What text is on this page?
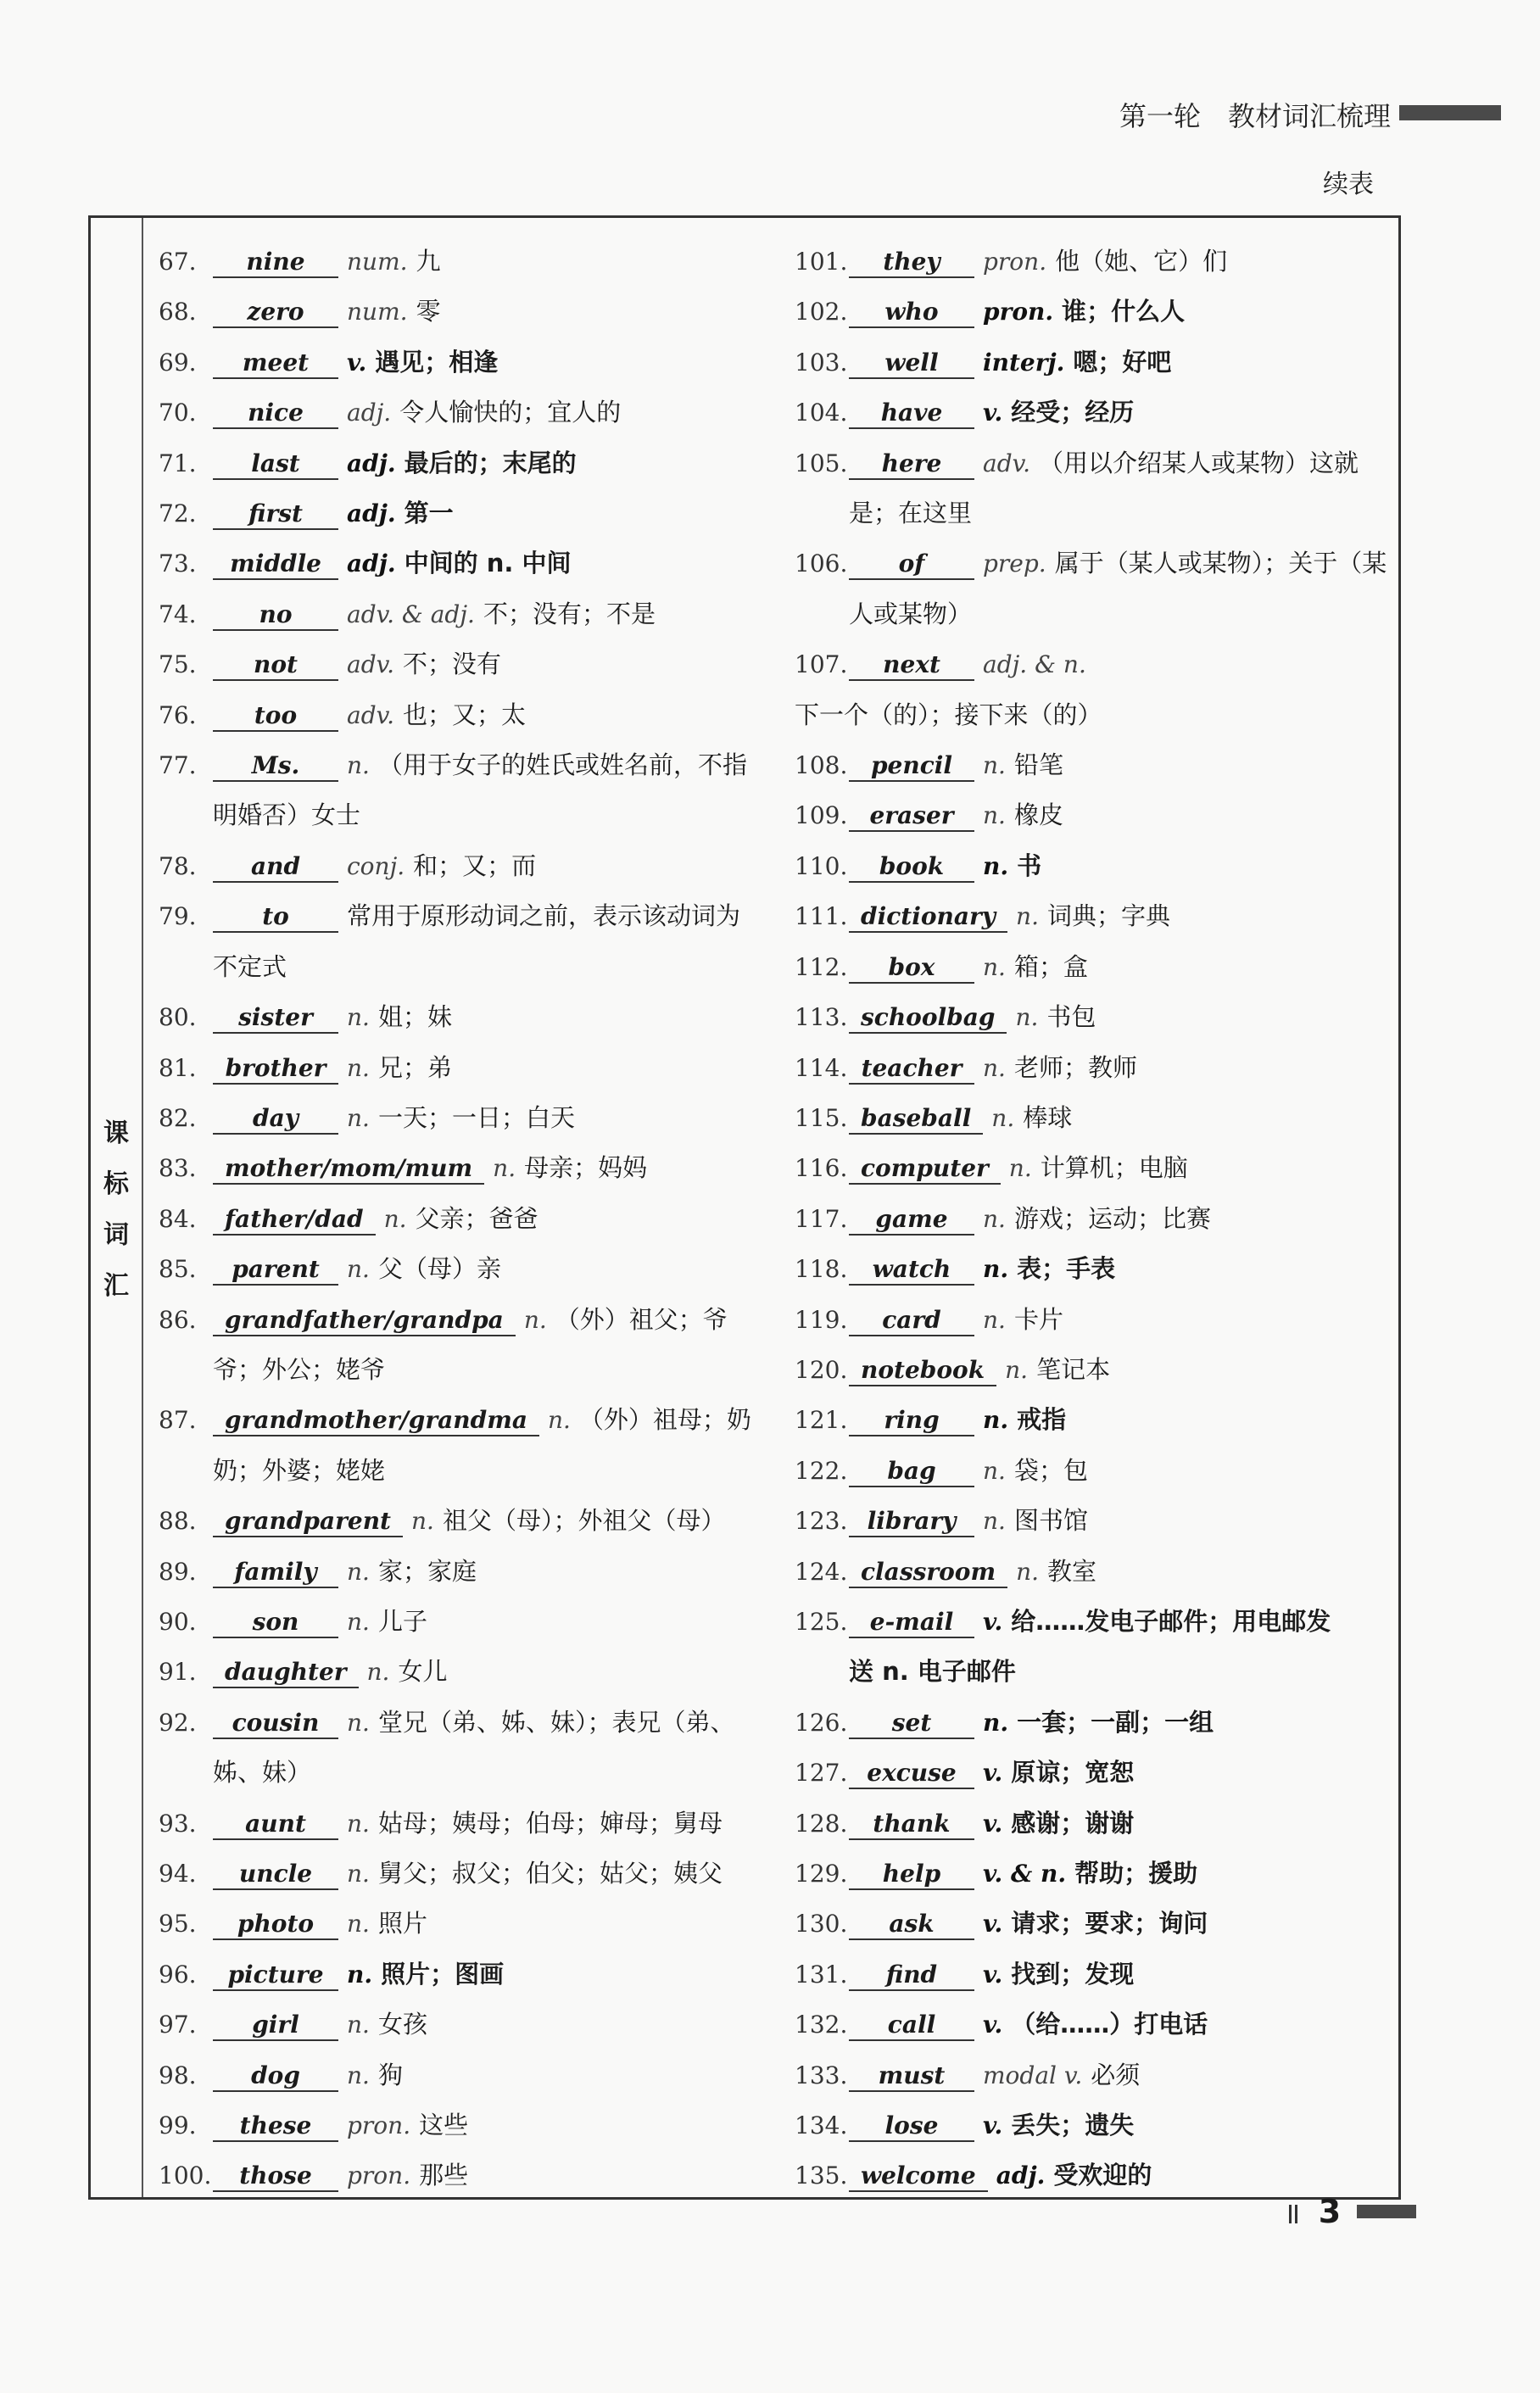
第一轮　教材词汇梳理
续表
课
标
词
汇
67. nine num. 九
68. zero num. 零
69. meet v. 遇见；相逢
70. nice adj. 令人愉快的；宜人的
71. last adj. 最后的；末尾的
72. first adj. 第一
73. middle adj. 中间的 n. 中间
74.	no adv. & adj. 不；没有；不是
75. not adv. 不；没有
76. too adv. 也；又；太
77. Ms. n. （用于女子的姓氏或姓名前，不指
明婚否）女士
78. and conj. 和；又；而
79.	to 常用于原形动词之前，表示该动词为
不定式
80. sister n. 姐；妹
81. brother n. 兄；弟
82. day n. 一天；一日；白天
83. mother/mom/mum n. 母亲；妈妈
84. father/dad n. 父亲；爸爸
85. parent n. 父（母）亲
86. grandfather/grandpa n. （外）祖父；爷
爷；外公；姥爷
87. grandmother/grandma n. （外）祖母；奶
奶；外婆；姥姥
88. grandparent n. 祖父（母）；外祖父（母）
89. family n. 家；家庭
90. son n. 儿子
91. daughter n. 女儿
92. cousin n. 堂兄（弟、姊、妹）；表兄（弟、
姊、妹）
93. aunt n. 姑母；姨母；伯母；婶母；舅母
94. uncle n. 舅父；叔父；伯父；姑父；姨父
95. photo n. 照片
96. picture n. 照片；图画
97. girl n. 女孩
98. dog n. 狗
99. these pron. 这些
100. those pron. 那些
101. they pron. 他（她、它）们
102. who pron. 谁；什么人
103. well interj. 嗯；好吧
104. have v. 经受；经历
105. here adv. （用以介绍某人或某物）这就
是；在这里
106. of prep. 属于（某人或某物）；关于（某
人或某物）
107. next adj. & n.下一个（的）；接下来（的）
108. pencil n. 铅笔
109. eraser n. 橡皮
110. book n. 书
111. dictionary n. 词典；字典
112. box n. 箱；盒
113. schoolbag n. 书包
114. teacher n. 老师；教师
115. baseball n. 棒球
116. computer n. 计算机；电脑
117. game n. 游戏；运动；比赛
118. watch n. 表；手表
119. card n. 卡片
120. notebook n. 笔记本
121. ring n. 戒指
122. bag n. 袋；包
123. library n. 图书馆
124. classroom n. 教室
125. e-mail v. 给……发电子邮件；用电邮发
送 n. 电子邮件
126. set n. 一套；一副；一组
127. excuse v. 原谅；宽恕
128. thank v. 感谢；谢谢
129. help v. & n. 帮助；援助
130. ask v. 请求；要求；询问
131. find v. 找到；发现
132. call v. （给……）打电话
133. must modal v. 必须
134. lose v. 丢失；遗失
135. welcome adj. 受欢迎的
3
